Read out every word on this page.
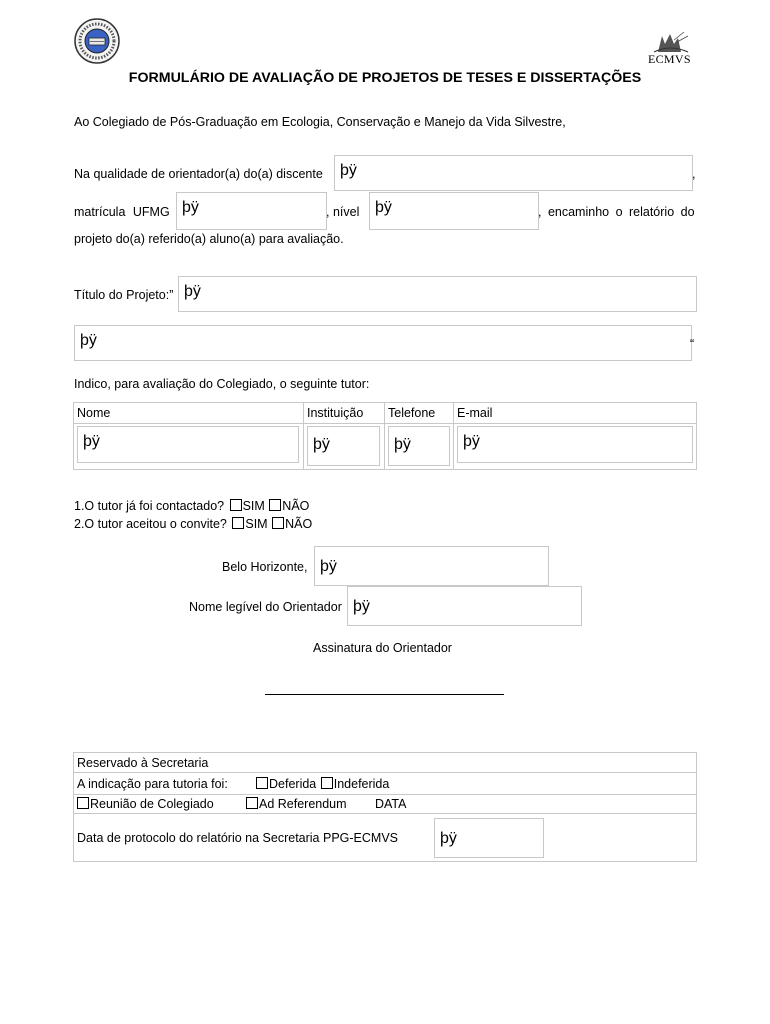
ECMVS
FORMULÁRIO DE AVALIAÇÃO DE PROJETOS DE TESES E DISSERTAÇÕES
Ao Colegiado de Pós-Graduação em Ecologia, Conservação e Manejo da Vida Silvestre,
Na qualidade de orientador(a) do(a) discente	þÿ	,
matrícula UFMG þÿ	, nível þÿ	, encaminho o relatório do
projeto do(a) referido(a) aluno(a) para avaliação.
Título do Projeto:” þÿ
þÿ	“
Indico, para avaliação do Colegiado, o seguinte tutor:
Nome	Instituição Telefone E-mail
þÿ	þÿ	þÿ	þÿ
1.O tutor já foi contactado? SIM NÃO
2.O tutor aceitou o convite? SIM NÃO
Belo Horizonte, þÿ
Nome legível do Orientador þÿ
Assinatura do Orientador
Reservado à Secretaria
A indicação para tutoria foi:	Deferida Indeferida
Reunião de Colegiado	Ad Referendum DATA
Data de protocolo do relatório na Secretaria PPG-ECMVS	þÿ
